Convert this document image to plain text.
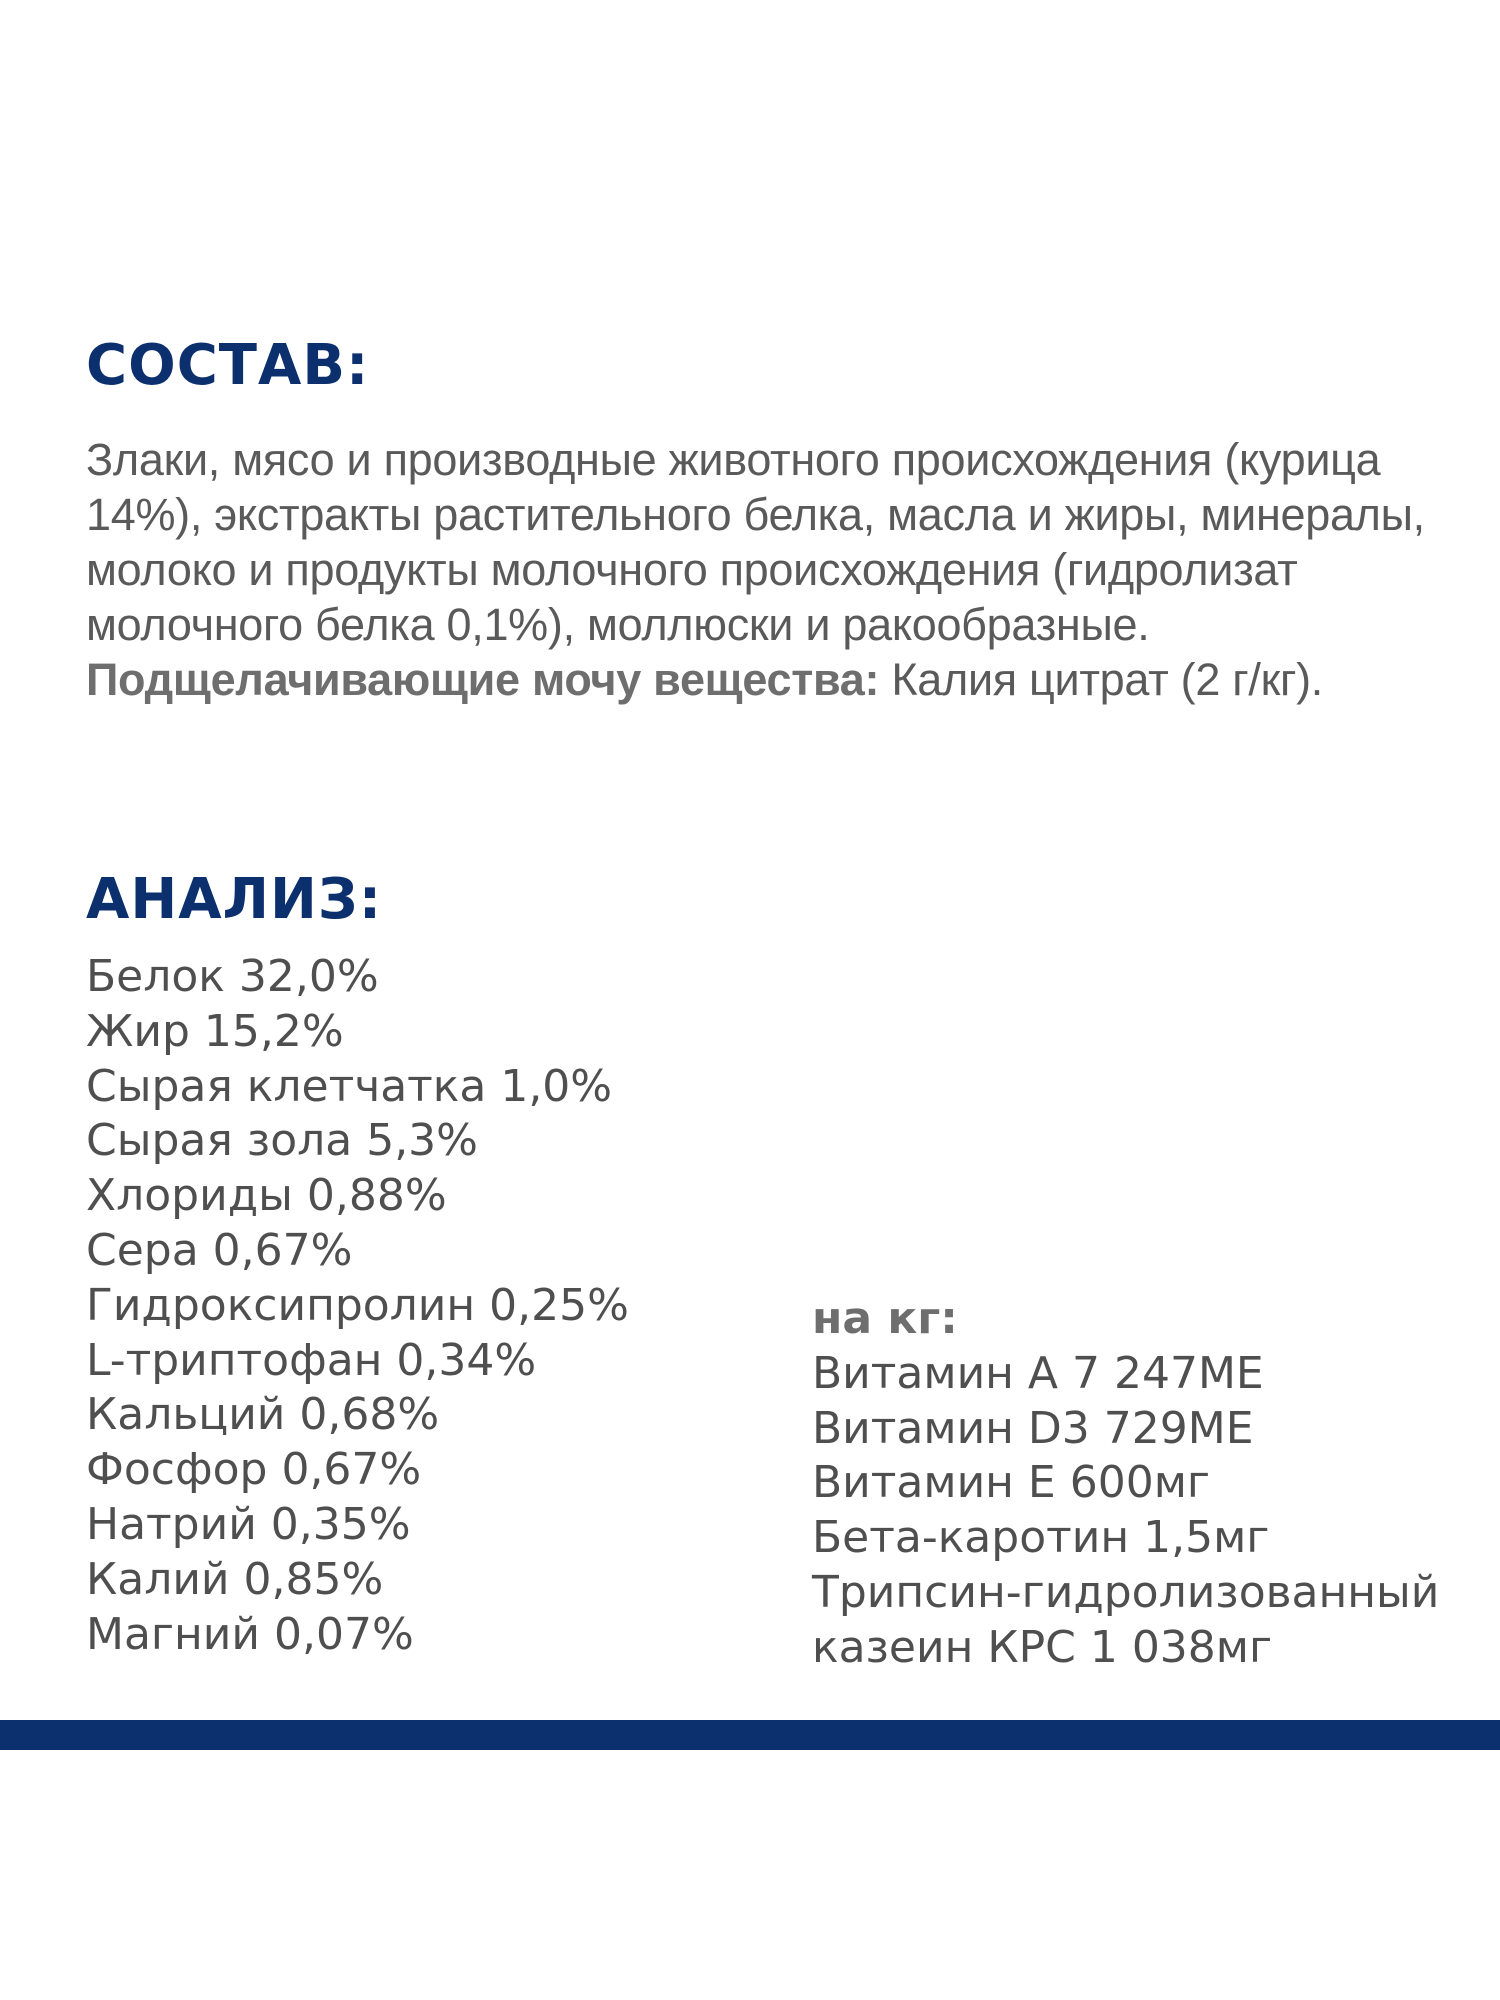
СОСТАВ:

Злаки, мясо и производные животного происхождения (курица
14%), экстракты растительного белка, масла и жиры, минералы,
молоко и продукты молочного происхождения (гидролизат
молочного белка 0,1%), моллюски и ракообразные.
Подщелачивающие мочу вещества: Калия цитрат (2 г/кг).

АНАЛИЗ:
Белок 32,0%
Жир 15,2%
Сырая клетчатка 1,0%
Сырая зола 5,3%
Хлориды 0,88%
Сера 0,67%
Гидроксипролин 0,25%
L-триптофан 0,34%
Кальций 0,68%
Фосфор 0,67%
Натрий 0,35%
Калий 0,85%
Магний 0,07%
на кг:
Витамин А 7 247МЕ
Витамин D3 729МЕ
Витамин Е 600мг
Бета-каротин 1,5мг
Трипсин-гидролизованный
казеин КРС 1 038мг
